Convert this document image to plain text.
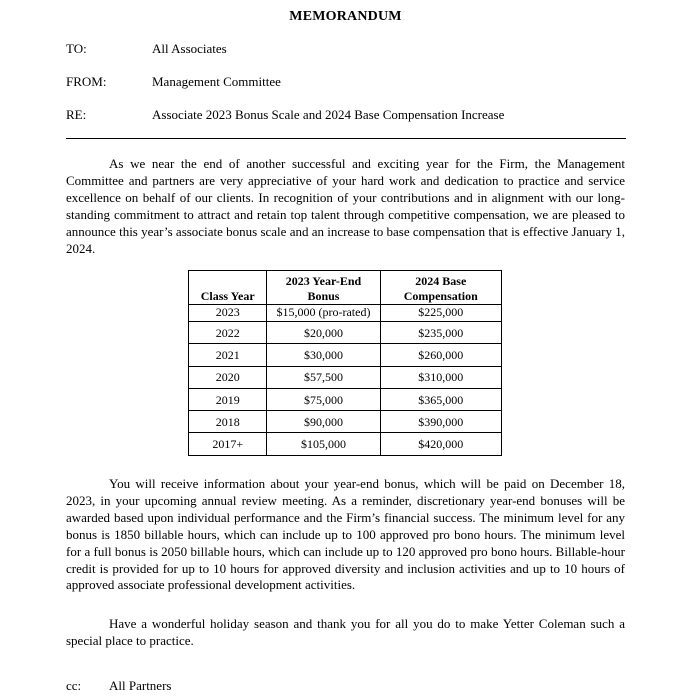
MEMORANDUM
TO:	All Associates
FROM:	Management Committee
RE:	Associate 2023 Bonus Scale and 2024 Base Compensation Increase
As we near the end of another successful and exciting year for the Firm, the Management Committee and partners are very appreciative of your hard work and dedication to practice and service excellence on behalf of our clients. In recognition of your contributions and in alignment with our long-standing commitment to attract and retain top talent through competitive compensation, we are pleased to announce this year’s associate bonus scale and an increase to base compensation that is effective January 1, 2024.
Class Year	2023 Year-End Bonus	2024 Base Compensation
2023	$15,000 (pro-rated)	$225,000
2022	$20,000	$235,000
2021	$30,000	$260,000
2020	$57,500	$310,000
2019	$75,000	$365,000
2018	$90,000	$390,000
2017+	$105,000	$420,000
You will receive information about your year-end bonus, which will be paid on December 18, 2023, in your upcoming annual review meeting. As a reminder, discretionary year-end bonuses will be awarded based upon individual performance and the Firm’s financial success. The minimum level for any bonus is 1850 billable hours, which can include up to 100 approved pro bono hours. The minimum level for a full bonus is 2050 billable hours, which can include up to 120 approved pro bono hours. Billable-hour credit is provided for up to 10 hours for approved diversity and inclusion activities and up to 10 hours of approved associate professional development activities.
Have a wonderful holiday season and thank you for all you do to make Yetter Coleman such a special place to practice.
cc: All Partners
